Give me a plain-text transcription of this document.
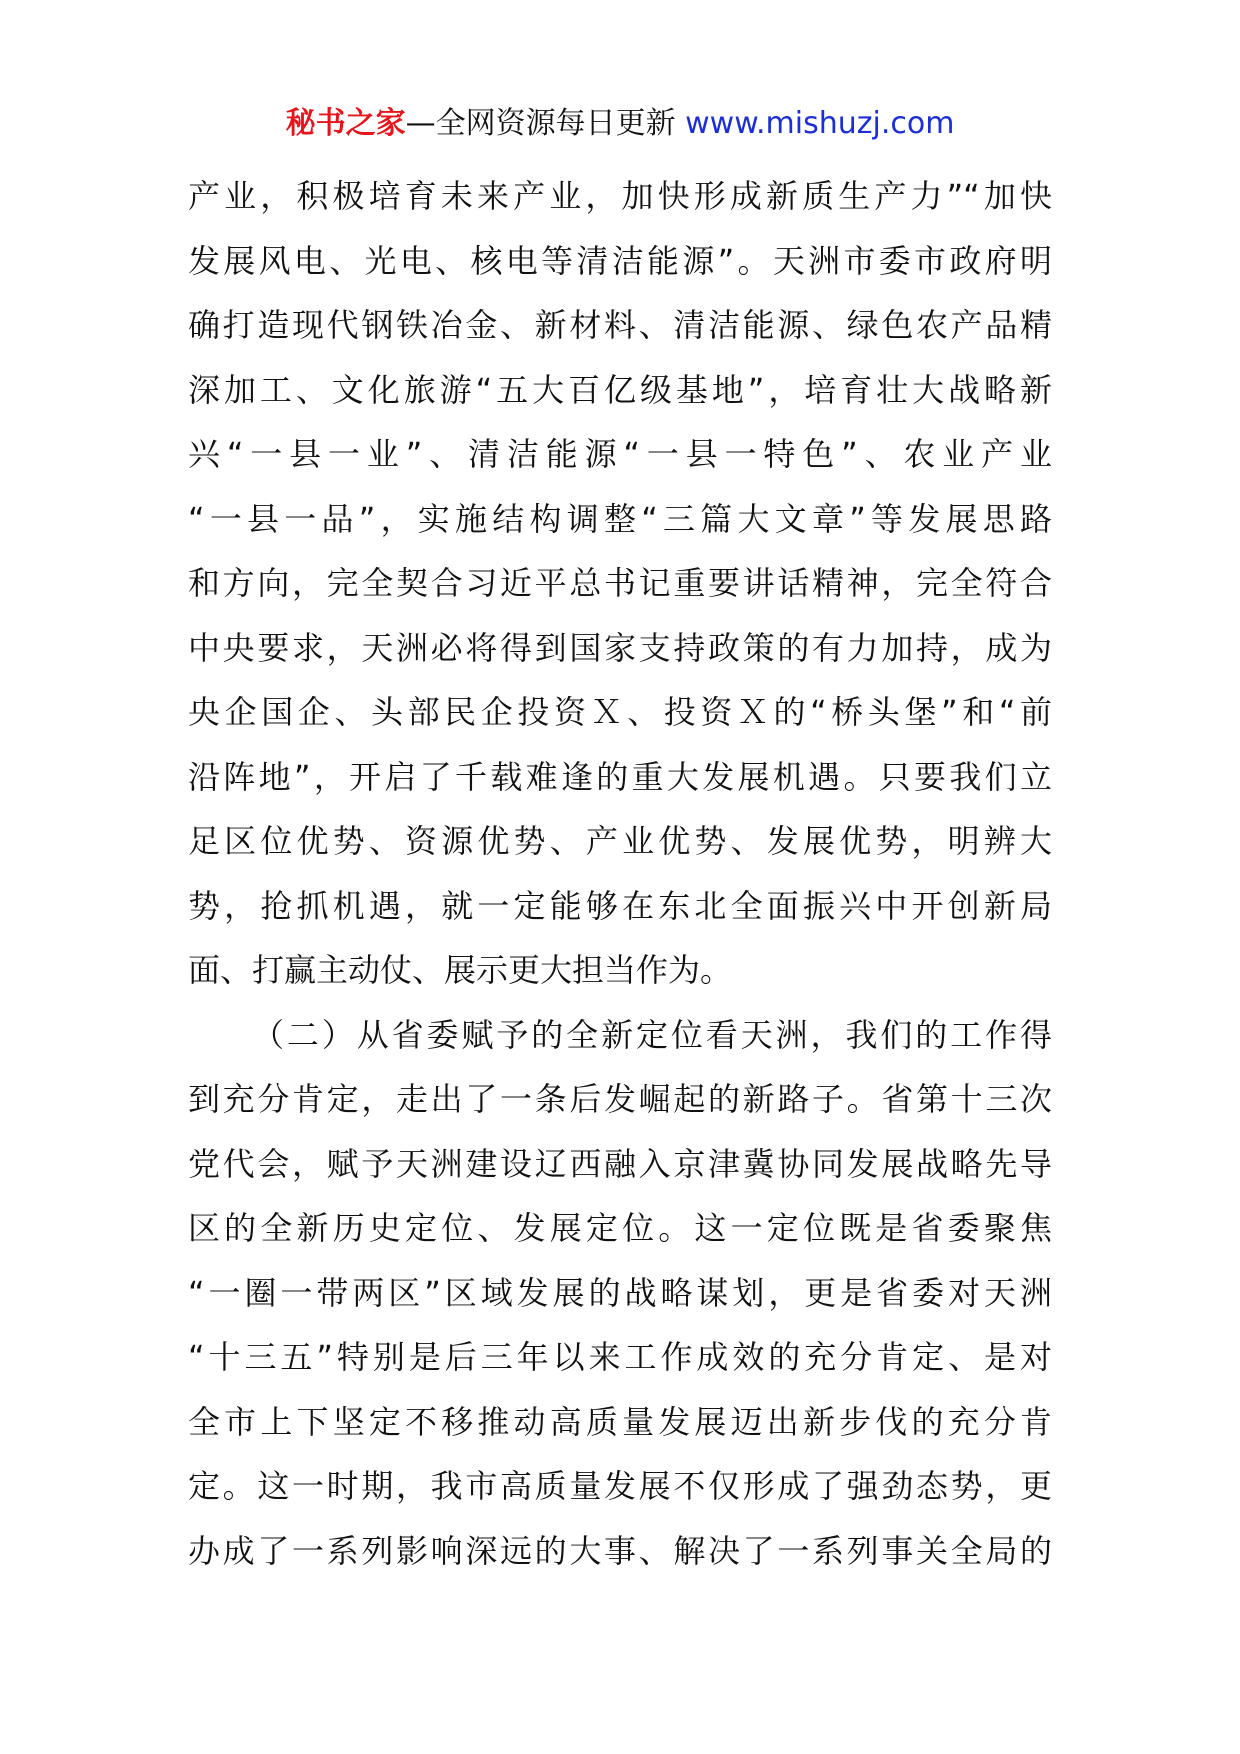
秘书之家—全网资源每日更新 www.mishuzj.com
产业，积极培育未来产业，加快形成新质生产力”“加快
发展风电、光电、核电等清洁能源”。天洲市委市政府明
确打造现代钢铁冶金、新材料、清洁能源、绿色农产品精
深加工、文化旅游“五大百亿级基地”，培育壮大战略新
兴“一县一业”、清洁能源“一县一特色”、农业产业
“一县一品”，实施结构调整“三篇大文章”等发展思路
和方向，完全契合习近平总书记重要讲话精神，完全符合
中央要求，天洲必将得到国家支持政策的有力加持，成为
央企国企、头部民企投资Ｘ、投资Ｘ的“桥头堡”和“前
沿阵地”，开启了千载难逢的重大发展机遇。只要我们立
足区位优势、资源优势、产业优势、发展优势，明辨大
势，抢抓机遇，就一定能够在东北全面振兴中开创新局
面、打赢主动仗、展示更大担当作为。
（二）从省委赋予的全新定位看天洲，我们的工作得
到充分肯定，走出了一条后发崛起的新路子。省第十三次
党代会，赋予天洲建设辽西融入京津冀协同发展战略先导
区的全新历史定位、发展定位。这一定位既是省委聚焦
“一圈一带两区”区域发展的战略谋划，更是省委对天洲
“十三五”特别是后三年以来工作成效的充分肯定、是对
全市上下坚定不移推动高质量发展迈出新步伐的充分肯
定。这一时期，我市高质量发展不仅形成了强劲态势，更
办成了一系列影响深远的大事、解决了一系列事关全局的
